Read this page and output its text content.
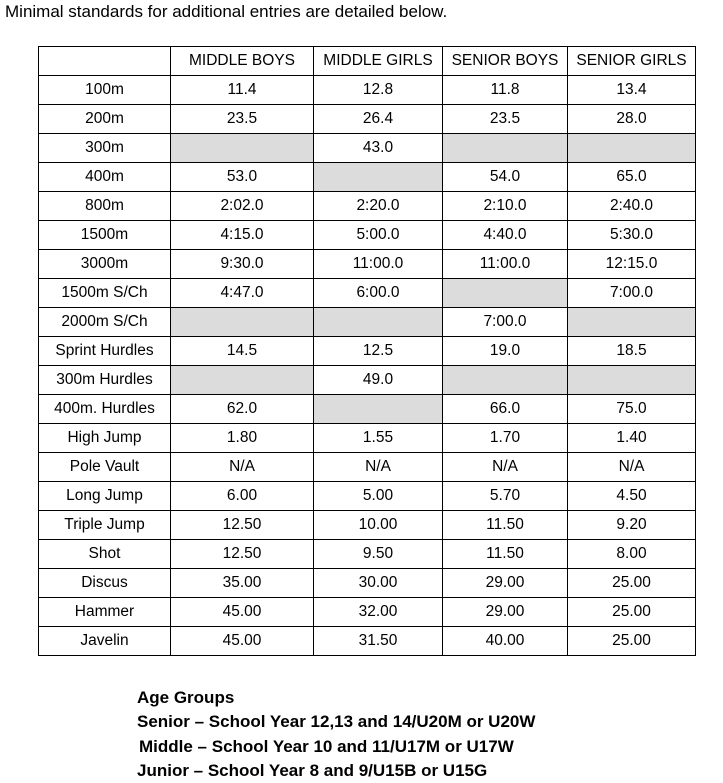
Minimal standards for additional entries are detailed below.
	MIDDLE BOYS	MIDDLE GIRLS	SENIOR BOYS	SENIOR GIRLS
100m	11.4	12.8	11.8	13.4
200m	23.5	26.4	23.5	28.0
300m		43.0		
400m	53.0		54.0	65.0
800m	2:02.0	2:20.0	2:10.0	2:40.0
1500m	4:15.0	5:00.0	4:40.0	5:30.0
3000m	9:30.0	11:00.0	11:00.0	12:15.0
1500m S/Ch	4:47.0	6:00.0		7:00.0
2000m S/Ch			7:00.0	
Sprint Hurdles	14.5	12.5	19.0	18.5
300m Hurdles		49.0		
400m. Hurdles	62.0		66.0	75.0
High Jump	1.80	1.55	1.70	1.40
Pole Vault	N/A	N/A	N/A	N/A
Long Jump	6.00	5.00	5.70	4.50
Triple Jump	12.50	10.00	11.50	9.20
Shot	12.50	9.50	11.50	8.00
Discus	35.00	30.00	29.00	25.00
Hammer	45.00	32.00	29.00	25.00
Javelin	45.00	31.50	40.00	25.00
Age Groups
Senior – School Year 12,13 and 14/U20M or U20W
Middle – School Year 10 and 11/U17M or U17W
Junior – School Year 8 and 9/U15B or U15G
